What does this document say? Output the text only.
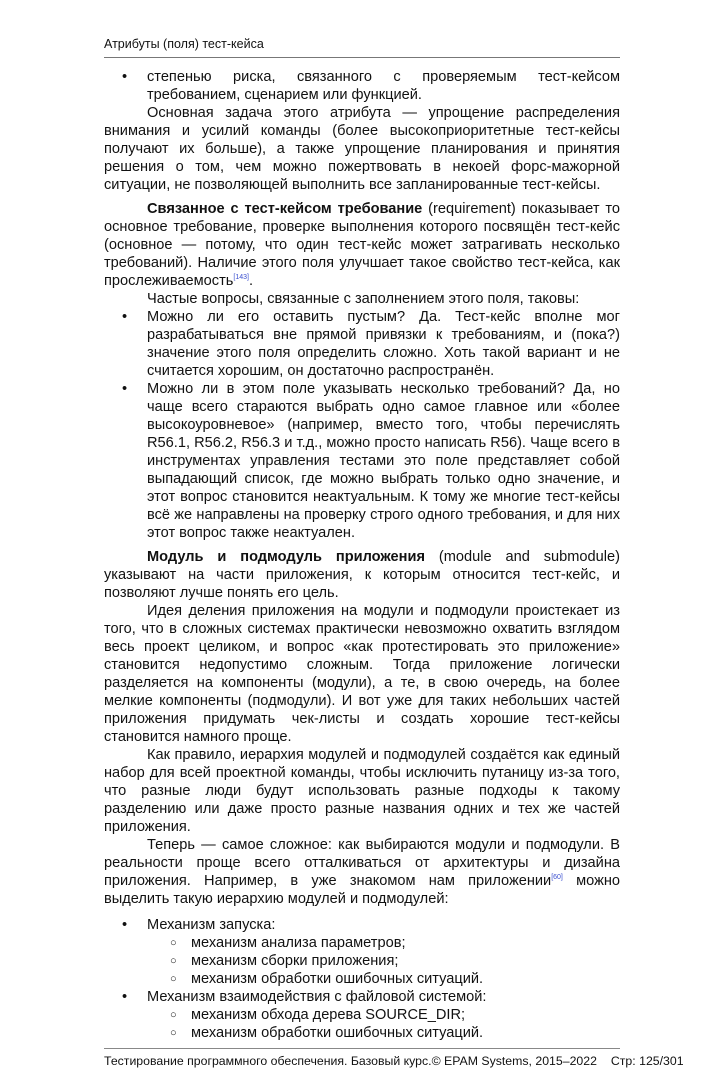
Атрибуты (поля) тест-кейса

• степенью риска, связанного с проверяемым тест-кейсом требованием, сценарием или функцией.

Основная задача этого атрибута — упрощение распределения внимания и усилий команды (более высокоприоритетные тест-кейсы получают их больше), а также упрощение планирования и принятия решения о том, чем можно пожертвовать в некоей форс-мажорной ситуации, не позволяющей выполнить все запланированные тест-кейсы.

Связанное с тест-кейсом требование (requirement) показывает то основное требование, проверке выполнения которого посвящён тест-кейс (основное — потому, что один тест-кейс может затрагивать несколько требований). Наличие этого поля улучшает такое свойство тест-кейса, как прослеживаемость[143].

Частые вопросы, связанные с заполнением этого поля, таковы:

• Можно ли его оставить пустым? Да. Тест-кейс вполне мог разрабатываться вне прямой привязки к требованиям, и (пока?) значение этого поля определить сложно. Хоть такой вариант и не считается хорошим, он достаточно распространён.

• Можно ли в этом поле указывать несколько требований? Да, но чаще всего стараются выбрать одно самое главное или «более высокоуровневое» (например, вместо того, чтобы перечислять R56.1, R56.2, R56.3 и т.д., можно просто написать R56). Чаще всего в инструментах управления тестами это поле представляет собой выпадающий список, где можно выбрать только одно значение, и этот вопрос становится неактуальным. К тому же многие тест-кейсы всё же направлены на проверку строго одного требования, и для них этот вопрос также неактуален.

Модуль и подмодуль приложения (module and submodule) указывают на части приложения, к которым относится тест-кейс, и позволяют лучше понять его цель.

Идея деления приложения на модули и подмодули проистекает из того, что в сложных системах практически невозможно охватить взглядом весь проект целиком, и вопрос «как протестировать это приложение» становится недопустимо сложным. Тогда приложение логически разделяется на компоненты (модули), а те, в свою очередь, на более мелкие компоненты (подмодули). И вот уже для таких небольших частей приложения придумать чек-листы и создать хорошие тест-кейсы становится намного проще.

Как правило, иерархия модулей и подмодулей создаётся как единый набор для всей проектной команды, чтобы исключить путаницу из-за того, что разные люди будут использовать разные подходы к такому разделению или даже просто разные названия одних и тех же частей приложения.

Теперь — самое сложное: как выбираются модули и подмодули. В реальности проще всего отталкиваться от архитектуры и дизайна приложения. Например, в уже знакомом нам приложении[60] можно выделить такую иерархию модулей и подмодулей:

• Механизм запуска:

○ механизм анализа параметров;

○ механизм сборки приложения;

○ механизм обработки ошибочных ситуаций.

• Механизм взаимодействия с файловой системой:

○ механизм обхода дерева SOURCE_DIR;

○ механизм обработки ошибочных ситуаций.

Тестирование программного обеспечения. Базовый курс. © EPAM Systems, 2015–2022 Стр: 125/301
